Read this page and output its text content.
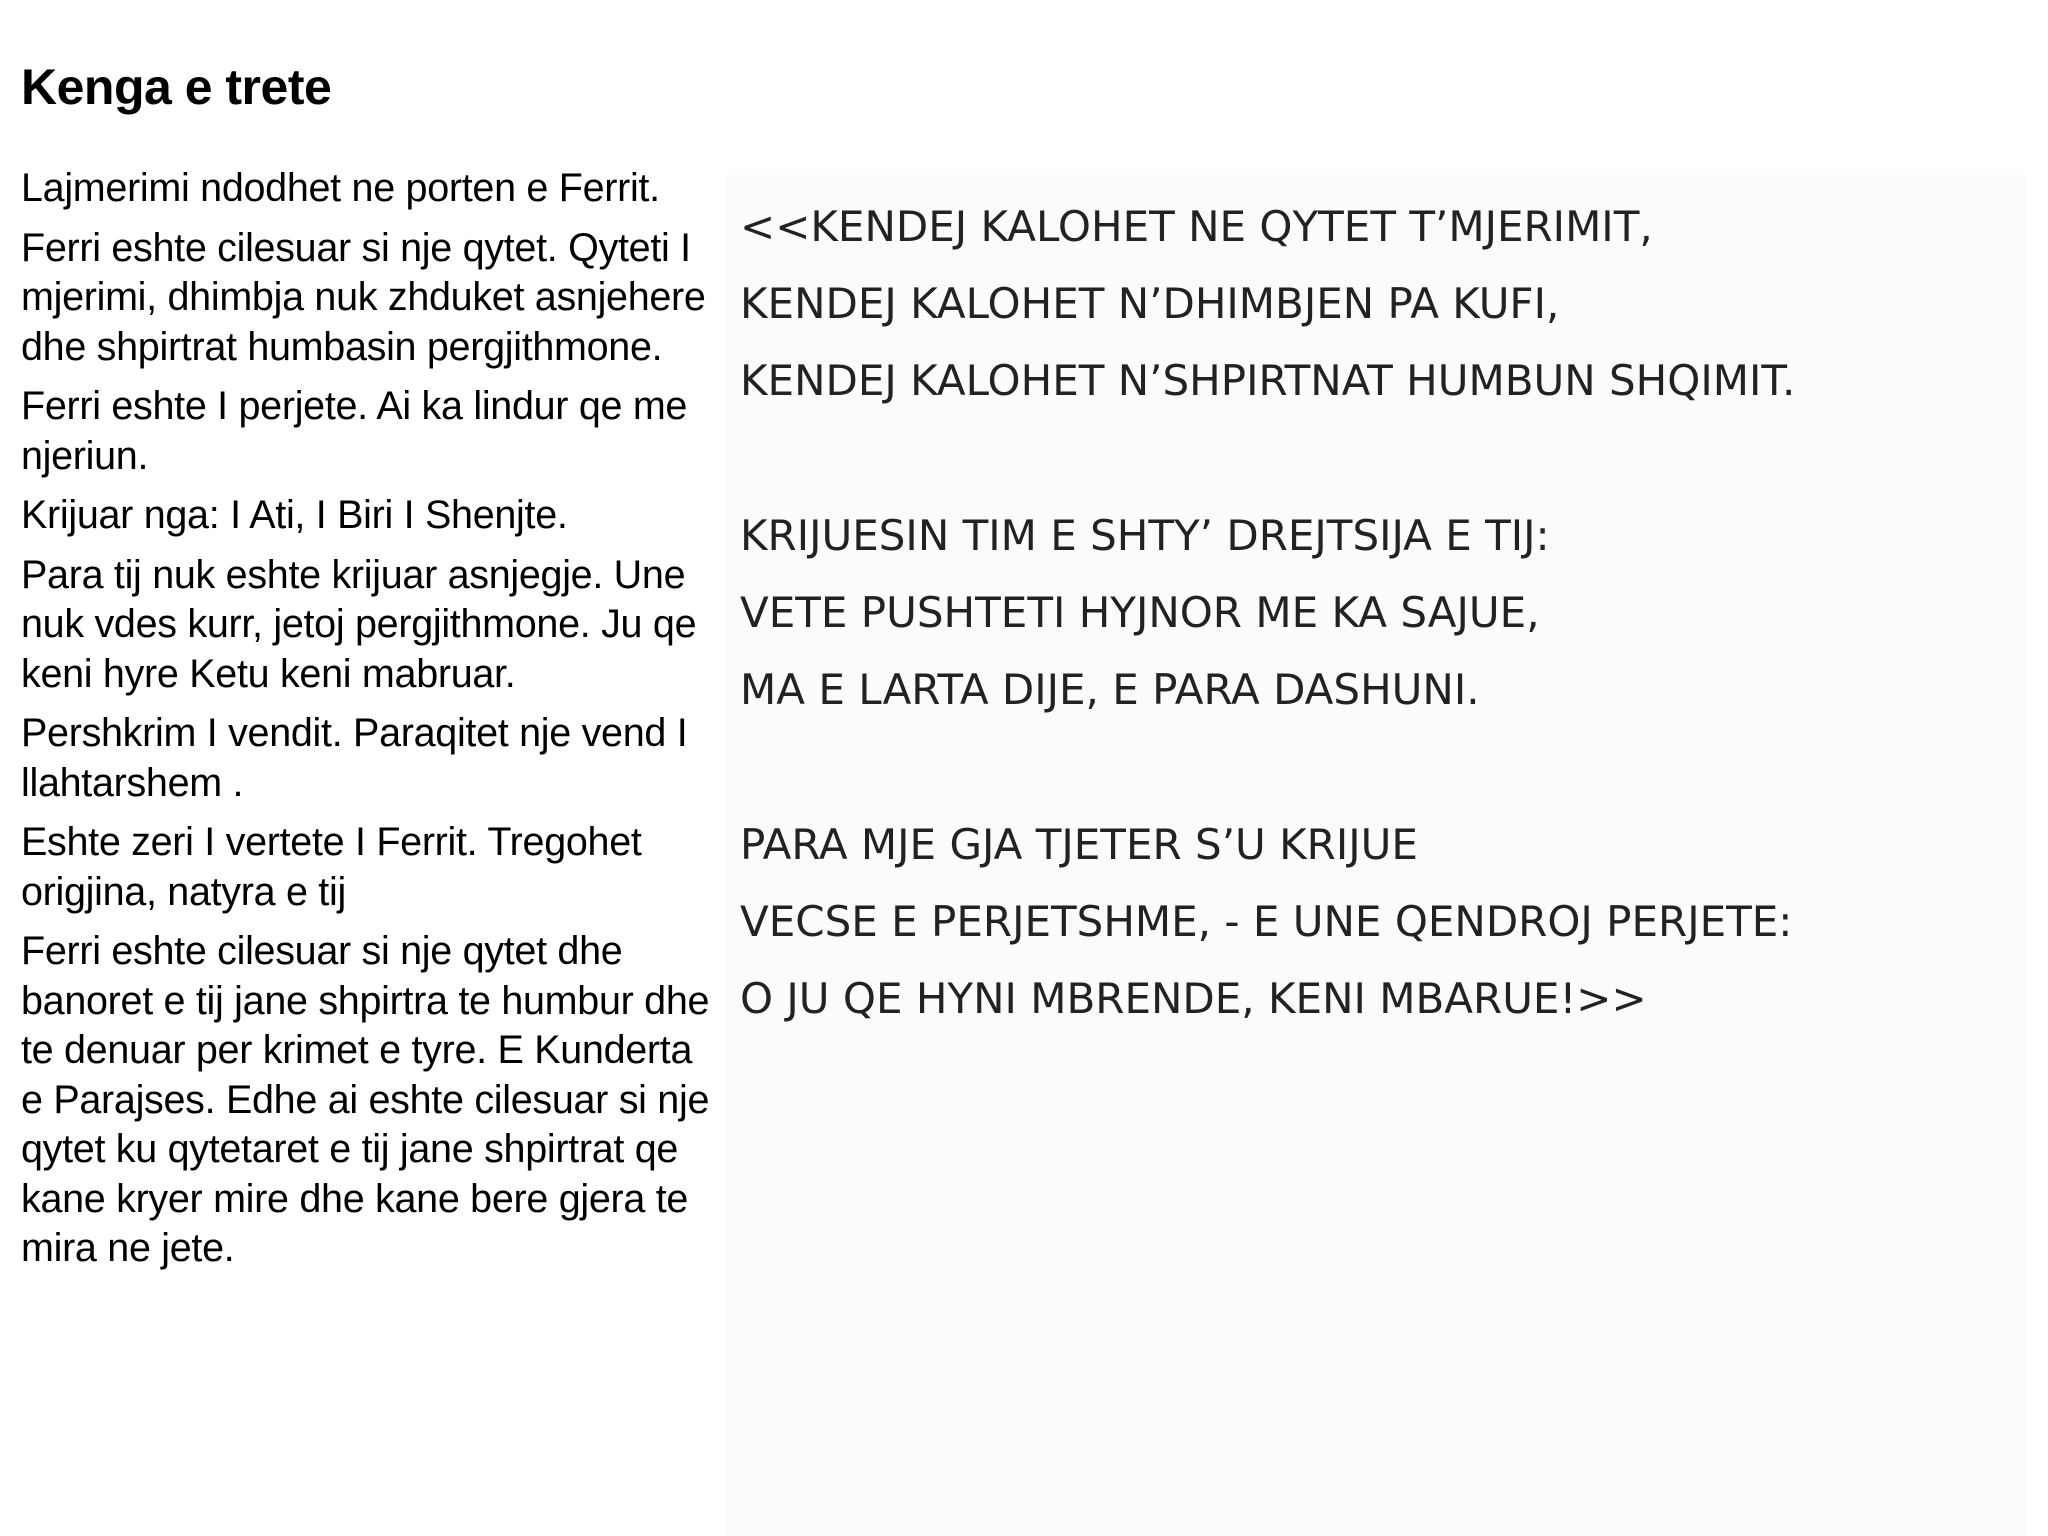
Kenga e trete

Lajmerimi ndodhet ne porten e Ferrit.

Ferri eshte cilesuar si nje qytet. Qyteti I mjerimi, dhimbja nuk zhduket asnjehere dhe shpirtrat humbasin pergjithmone.

Ferri eshte I perjete. Ai ka lindur qe me njeriun.

Krijuar nga: I Ati, I Biri I Shenjte.

Para tij nuk eshte krijuar asnjegje. Une nuk vdes kurr, jetoj pergjithmone. Ju qe keni hyre Ketu keni mabruar.

Pershkrim I vendit. Paraqitet nje vend I llahtarshem .

Eshte zeri I vertete I Ferrit. Tregohet origjina, natyra e tij

Ferri eshte cilesuar si nje qytet dhe banoret e tij jane shpirtra te humbur dhe te denuar per krimet e tyre. E Kunderta e Parajses. Edhe ai eshte cilesuar si nje qytet ku qytetaret e tij jane shpirtrat qe kane kryer mire dhe kane bere gjera te mira ne jete.

<<KENDEJ KALOHET NE QYTET T’MJERIMIT,
KENDEJ KALOHET N’DHIMBJEN PA KUFI,
KENDEJ KALOHET N’SHPIRTNAT HUMBUN SHQIMIT.
KRIJUESIN TIM E SHTY’ DREJTSIJA E TIJ:
VETE PUSHTETI HYJNOR ME KA SAJUE,
MA E LARTA DIJE, E PARA DASHUNI.
PARA MJE GJA TJETER S’U KRIJUE
VECSE E PERJETSHME, - E UNE QENDROJ PERJETE:
O JU QE HYNI MBRENDE, KENI MBARUE!>>
